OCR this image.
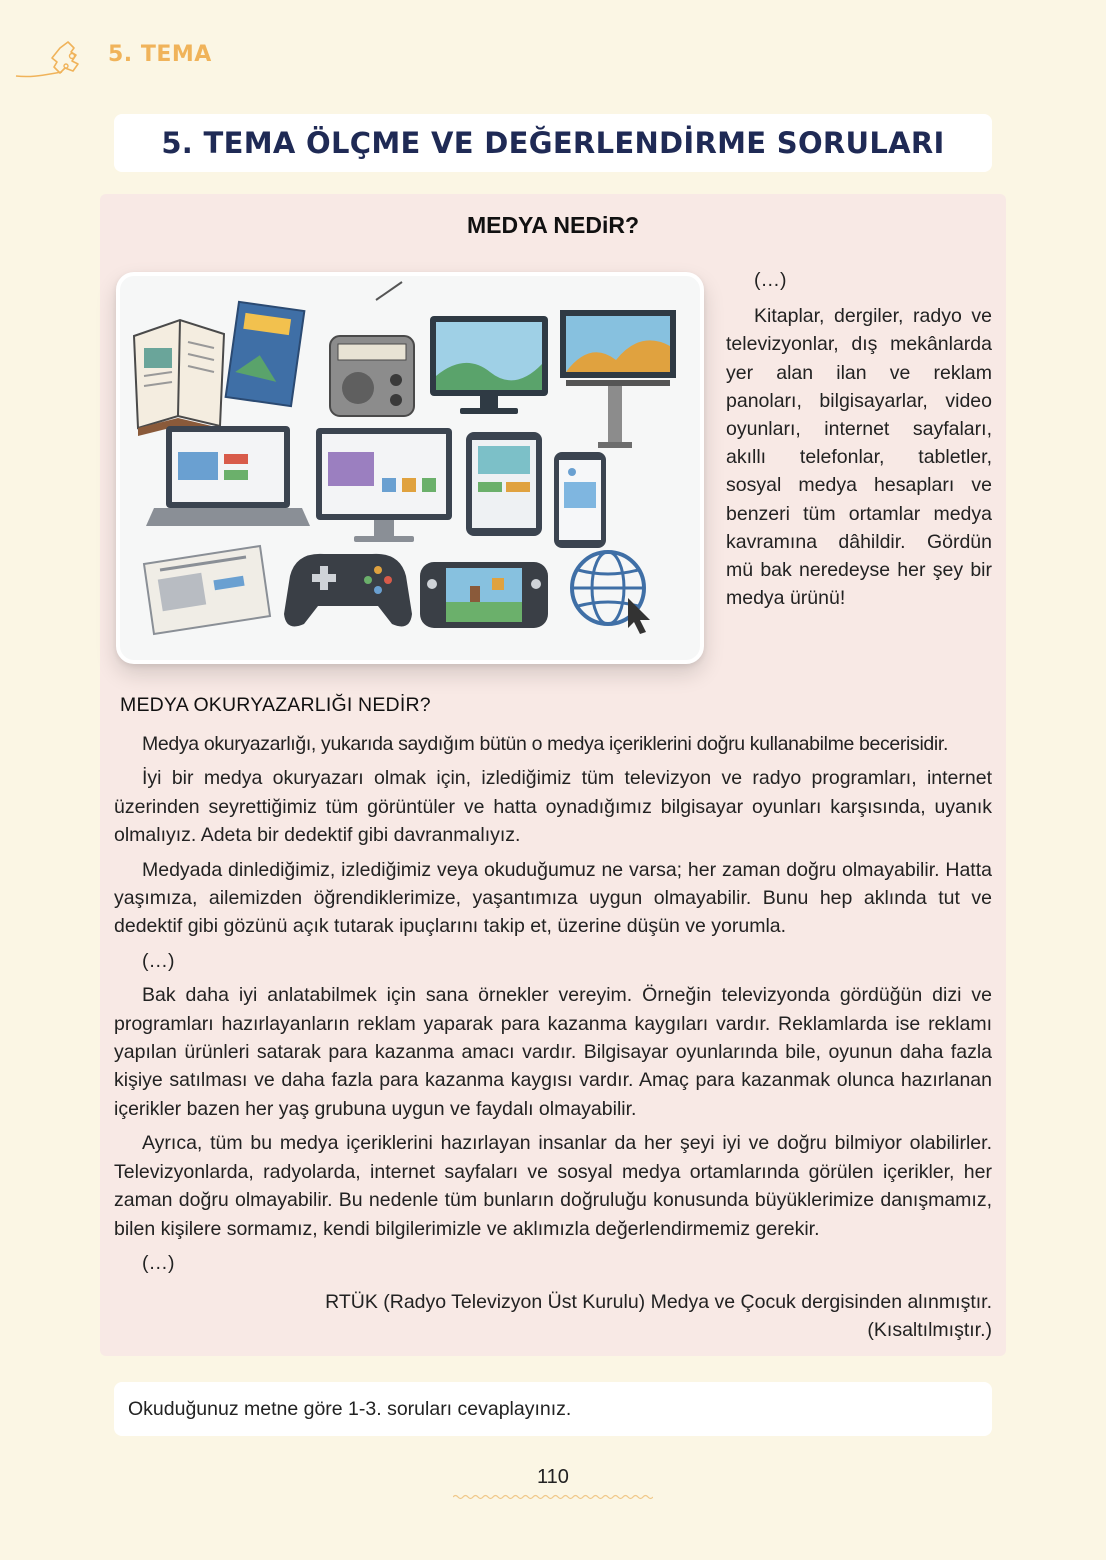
5. TEMA
5. TEMA ÖLÇME VE DEĞERLENDİRME SORULARI
MEDYA NEDiR?

(…)

Kitaplar, dergiler, radyo ve televizyonlar, dış mekânlarda yer alan ilan ve reklam panoları, bilgisayarlar, video oyunları, internet sayfaları, akıllı telefonlar, tabletler, sosyal medya hesapları ve benzeri tüm ortamlar medya kavramına dâhildir. Gördün mü bak neredeyse her şey bir medya ürünü!

MEDYA OKURYAZARLIĞI NEDİR?

Medya okuryazarlığı, yukarıda saydığım bütün o medya içeriklerini doğru kullanabilme becerisidir.

İyi bir medya okuryazarı olmak için, izlediğimiz tüm televizyon ve radyo programları, internet üzerinden seyrettiğimiz tüm görüntüler ve hatta oynadığımız bilgisayar oyunları karşısında, uyanık olmalıyız. Adeta bir dedektif gibi davranmalıyız.

Medyada dinlediğimiz, izlediğimiz veya okuduğumuz ne varsa; her zaman doğru olmayabilir. Hatta yaşımıza, ailemizden öğrendiklerimize, yaşantımıza uygun olmayabilir. Bunu hep aklında tut ve dedektif gibi gözünü açık tutarak ipuçlarını takip et, üzerine düşün ve yorumla.

(…)

Bak daha iyi anlatabilmek için sana örnekler vereyim. Örneğin televizyonda gördüğün dizi ve programları hazırlayanların reklam yaparak para kazanma kaygıları vardır. Reklamlarda ise reklamı yapılan ürünleri satarak para kazanma amacı vardır. Bilgisayar oyunlarında bile, oyunun daha fazla kişiye satılması ve daha fazla para kazanma kaygısı vardır. Amaç para kazanmak olunca hazırlanan içerikler bazen her yaş grubuna uygun ve faydalı olmayabilir.

Ayrıca, tüm bu medya içeriklerini hazırlayan insanlar da her şeyi iyi ve doğru bilmiyor olabilirler. Televizyonlarda, radyolarda, internet sayfaları ve sosyal medya ortamlarında görülen içerikler, her zaman doğru olmayabilir. Bu nedenle tüm bunların doğruluğu konusunda büyüklerimize danışmamız, bilen kişilere sormamız, kendi bilgilerimizle ve aklımızla değerlendirmemiz gerekir.

(…)

RTÜK (Radyo Televizyon Üst Kurulu) Medya ve Çocuk dergisinden alınmıştır.
(Kısaltılmıştır.)
Okuduğunuz metne göre 1-3. soruları cevaplayınız.
110
